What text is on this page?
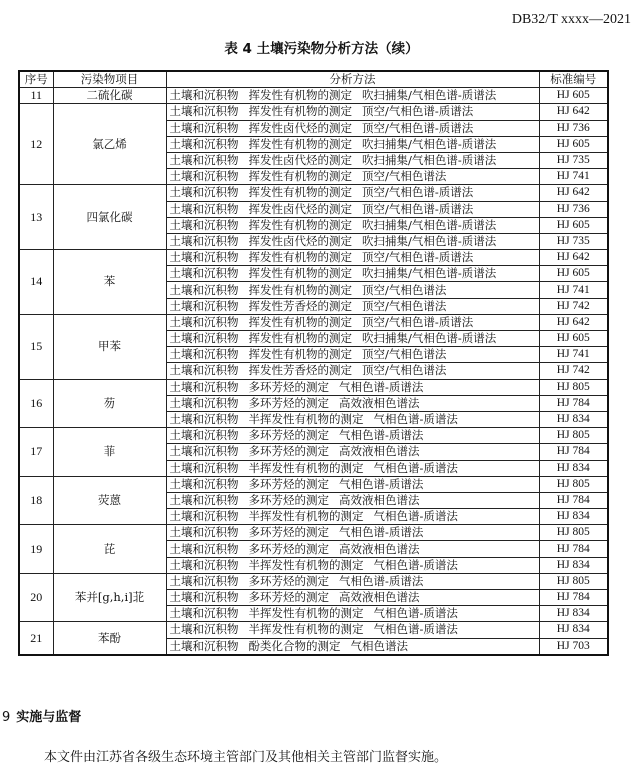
DB32/T xxxx—2021
表 4 土壤污染物分析方法（续）
序号	污染物项目	分析方法	标准编号
11	二硫化碳	土壤和沉积物 挥发性有机物的测定 吹扫捕集/气相色谱-质谱法	HJ 605
12	氯乙烯	土壤和沉积物 挥发性有机物的测定 顶空/气相色谱-质谱法	HJ 642
		土壤和沉积物 挥发性卤代烃的测定 顶空/气相色谱-质谱法	HJ 736
		土壤和沉积物 挥发性有机物的测定 吹扫捕集/气相色谱-质谱法	HJ 605
		土壤和沉积物 挥发性卤代烃的测定 吹扫捕集/气相色谱-质谱法	HJ 735
		土壤和沉积物 挥发性有机物的测定 顶空/气相色谱法	HJ 741
13	四氯化碳	土壤和沉积物 挥发性有机物的测定 顶空/气相色谱-质谱法	HJ 642
		土壤和沉积物 挥发性卤代烃的测定 顶空/气相色谱-质谱法	HJ 736
		土壤和沉积物 挥发性有机物的测定 吹扫捕集/气相色谱-质谱法	HJ 605
		土壤和沉积物 挥发性卤代烃的测定 吹扫捕集/气相色谱-质谱法	HJ 735
14	苯	土壤和沉积物 挥发性有机物的测定 顶空/气相色谱-质谱法	HJ 642
		土壤和沉积物 挥发性有机物的测定 吹扫捕集/气相色谱-质谱法	HJ 605
		土壤和沉积物 挥发性有机物的测定 顶空/气相色谱法	HJ 741
		土壤和沉积物 挥发性芳香烃的测定 顶空/气相色谱法	HJ 742
15	甲苯	土壤和沉积物 挥发性有机物的测定 顶空/气相色谱-质谱法	HJ 642
		土壤和沉积物 挥发性有机物的测定 吹扫捕集/气相色谱-质谱法	HJ 605
		土壤和沉积物 挥发性有机物的测定 顶空/气相色谱法	HJ 741
		土壤和沉积物 挥发性芳香烃的测定 顶空/气相色谱法	HJ 742
16	芴	土壤和沉积物 多环芳烃的测定 气相色谱-质谱法	HJ 805
		土壤和沉积物 多环芳烃的测定 高效液相色谱法	HJ 784
		土壤和沉积物 半挥发性有机物的测定 气相色谱-质谱法	HJ 834
17	菲	土壤和沉积物 多环芳烃的测定 气相色谱-质谱法	HJ 805
		土壤和沉积物 多环芳烃的测定 高效液相色谱法	HJ 784
		土壤和沉积物 半挥发性有机物的测定 气相色谱-质谱法	HJ 834
18	荧蒽	土壤和沉积物 多环芳烃的测定 气相色谱-质谱法	HJ 805
		土壤和沉积物 多环芳烃的测定 高效液相色谱法	HJ 784
		土壤和沉积物 半挥发性有机物的测定 气相色谱-质谱法	HJ 834
19	芘	土壤和沉积物 多环芳烃的测定 气相色谱-质谱法	HJ 805
		土壤和沉积物 多环芳烃的测定 高效液相色谱法	HJ 784
		土壤和沉积物 半挥发性有机物的测定 气相色谱-质谱法	HJ 834
20	苯并[g,h,i]苝	土壤和沉积物 多环芳烃的测定 气相色谱-质谱法	HJ 805
		土壤和沉积物 多环芳烃的测定 高效液相色谱法	HJ 784
		土壤和沉积物 半挥发性有机物的测定 气相色谱-质谱法	HJ 834
21	苯酚	土壤和沉积物 半挥发性有机物的测定 气相色谱-质谱法	HJ 834
		土壤和沉积物 酚类化合物的测定 气相色谱法	HJ 703
9 实施与监督
本文件由江苏省各级生态环境主管部门及其他相关主管部门监督实施。
